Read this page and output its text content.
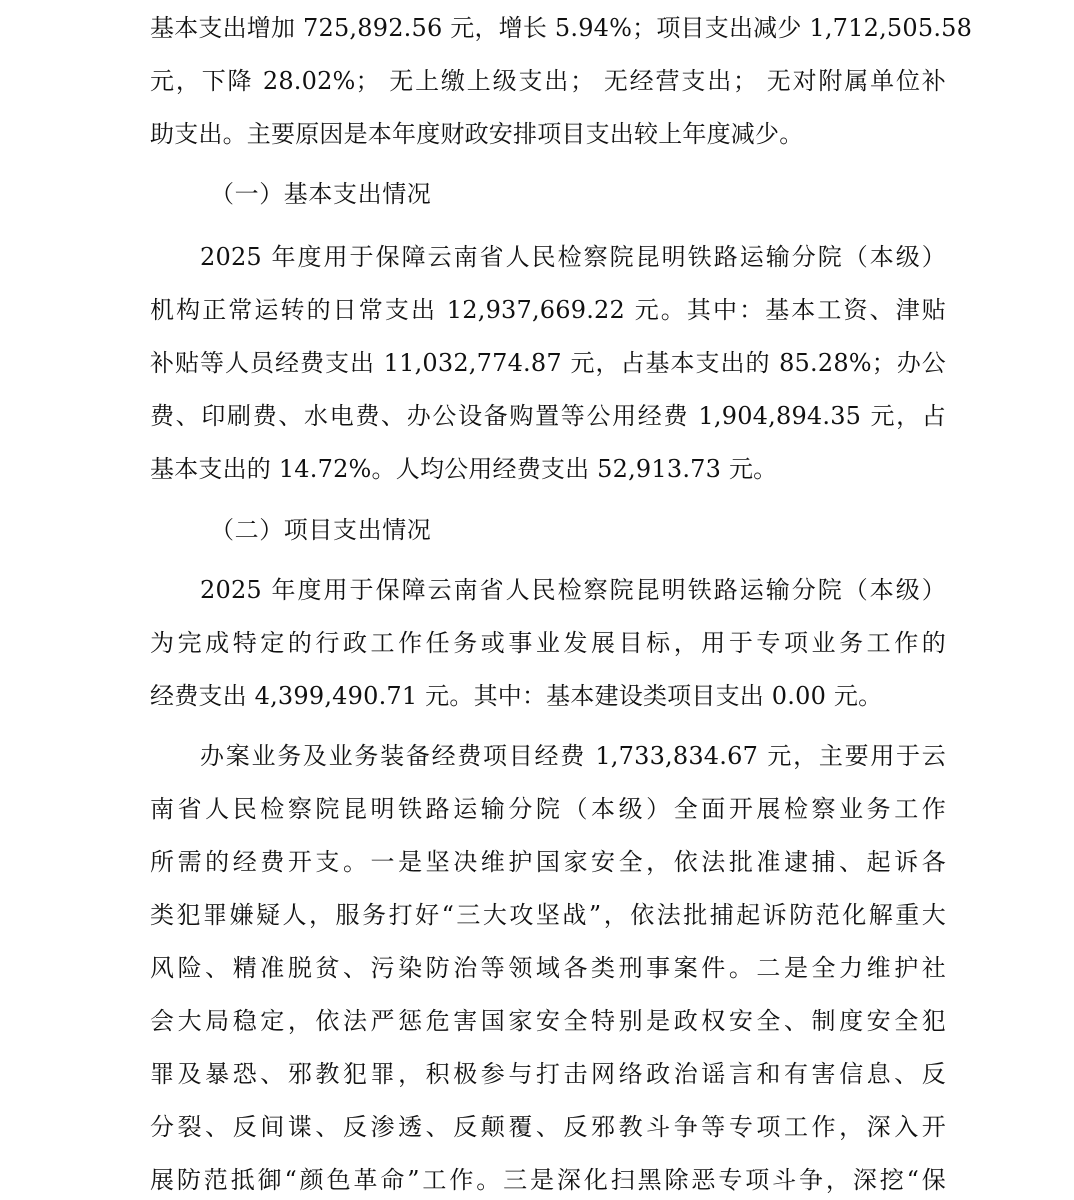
基本支出增加 725,892.56 元，增长 5.94%；项目支出减少 1,712,505.58
元，下降 28.02%； 无上缴上级支出； 无经营支出； 无对附属单位补
助支出。主要原因是本年度财政安排项目支出较上年度减少。
（一）基本支出情况
2025 年度用于保障云南省人民检察院昆明铁路运输分院（本级）
机构正常运转的日常支出 12,937,669.22 元。其中：基本工资、津贴
补贴等人员经费支出 11,032,774.87 元，占基本支出的 85.28%；办公
费、印刷费、水电费、办公设备购置等公用经费 1,904,894.35 元，占
基本支出的 14.72%。人均公用经费支出 52,913.73 元。
（二）项目支出情况
2025 年度用于保障云南省人民检察院昆明铁路运输分院（本级）
为完成特定的行政工作任务或事业发展目标，用于专项业务工作的
经费支出 4,399,490.71 元。其中：基本建设类项目支出 0.00 元。
办案业务及业务装备经费项目经费 1,733,834.67 元，主要用于云
南省人民检察院昆明铁路运输分院（本级）全面开展检察业务工作
所需的经费开支。一是坚决维护国家安全，依法批准逮捕、起诉各
类犯罪嫌疑人，服务打好“三大攻坚战”，依法批捕起诉防范化解重大
风险、精准脱贫、污染防治等领域各类刑事案件。二是全力维护社
会大局稳定，依法严惩危害国家安全特别是政权安全、制度安全犯
罪及暴恐、邪教犯罪，积极参与打击网络政治谣言和有害信息、反
分裂、反间谍、反渗透、反颠覆、反邪教斗争等专项工作，深入开
展防范抵御“颜色革命”工作。三是深化扫黑除恶专项斗争，深挖“保
